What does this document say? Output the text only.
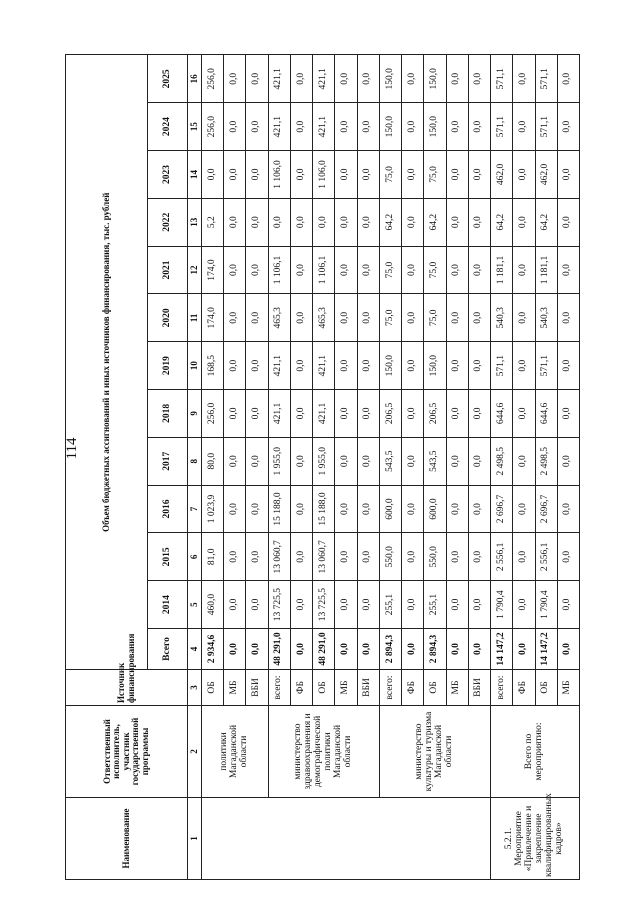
114
Наименование	Ответственный исполнитель, участник государственной программы	Источник финансирования	Объем бюджетных ассигнований и иных источников финансирования, тыс. рублей												
			Всего	2014	2015	2016	2017	2018	2019	2020	2021	2022	2023	2024	2025
1	2	3	4	5	6	7	8	9	10	11	12	13	14	15	16
	политики Магаданской области	ОБ	2 934,6	460,0	81,0	1 023,9	80,0	256,0	168,5	174,0	174,0	5,2	0,0	256,0	256,0
		МБ	0,0	0,0	0,0	0,0	0,0	0,0	0,0	0,0	0,0	0,0	0,0	0,0	0,0
		ВБИ	0,0	0,0	0,0	0,0	0,0	0,0	0,0	0,0	0,0	0,0	0,0	0,0	0,0
	министерство здравоохранения и демографической политики Магаданской области	всего:	48 291,0	13 725,5	13 060,7	15 188,0	1 955,0	421,1	421,1	465,3	1 106,1	0,0	1 106,0	421,1	421,1
		ФБ	0,0	0,0	0,0	0,0	0,0	0,0	0,0	0,0	0,0	0,0	0,0	0,0	0,0
		ОБ	48 291,0	13 725,5	13 060,7	15 188,0	1 955,0	421,1	421,1	465,3	1 106,1	0,0	1 106,0	421,1	421,1
		МБ	0,0	0,0	0,0	0,0	0,0	0,0	0,0	0,0	0,0	0,0	0,0	0,0	0,0
		ВБИ	0,0	0,0	0,0	0,0	0,0	0,0	0,0	0,0	0,0	0,0	0,0	0,0	0,0
	министерство культуры и туризма Магаданской области	всего:	2 894,3	255,1	550,0	600,0	543,5	206,5	150,0	75,0	75,0	64,2	75,0	150,0	150,0
		ФБ	0,0	0,0	0,0	0,0	0,0	0,0	0,0	0,0	0,0	0,0	0,0	0,0	0,0
		ОБ	2 894,3	255,1	550,0	600,0	543,5	206,5	150,0	75,0	75,0	64,2	75,0	150,0	150,0
		МБ	0,0	0,0	0,0	0,0	0,0	0,0	0,0	0,0	0,0	0,0	0,0	0,0	0,0
		ВБИ	0,0	0,0	0,0	0,0	0,0	0,0	0,0	0,0	0,0	0,0	0,0	0,0	0,0
5.2.1. Мероприятие «Привлечение и закрепление квалифицированных кадров»	Всего по мероприятию:	всего:	14 147,2	1 790,4	2 556,1	2 696,7	2 498,5	644,6	571,1	540,3	1 181,1	64,2	462,0	571,1	571,1
		ФБ	0,0	0,0	0,0	0,0	0,0	0,0	0,0	0,0	0,0	0,0	0,0	0,0	0,0
		ОБ	14 147,2	1 790,4	2 556,1	2 696,7	2 498,5	644,6	571,1	540,3	1 181,1	64,2	462,0	571,1	571,1
		МБ	0,0	0,0	0,0	0,0	0,0	0,0	0,0	0,0	0,0	0,0	0,0	0,0	0,0
